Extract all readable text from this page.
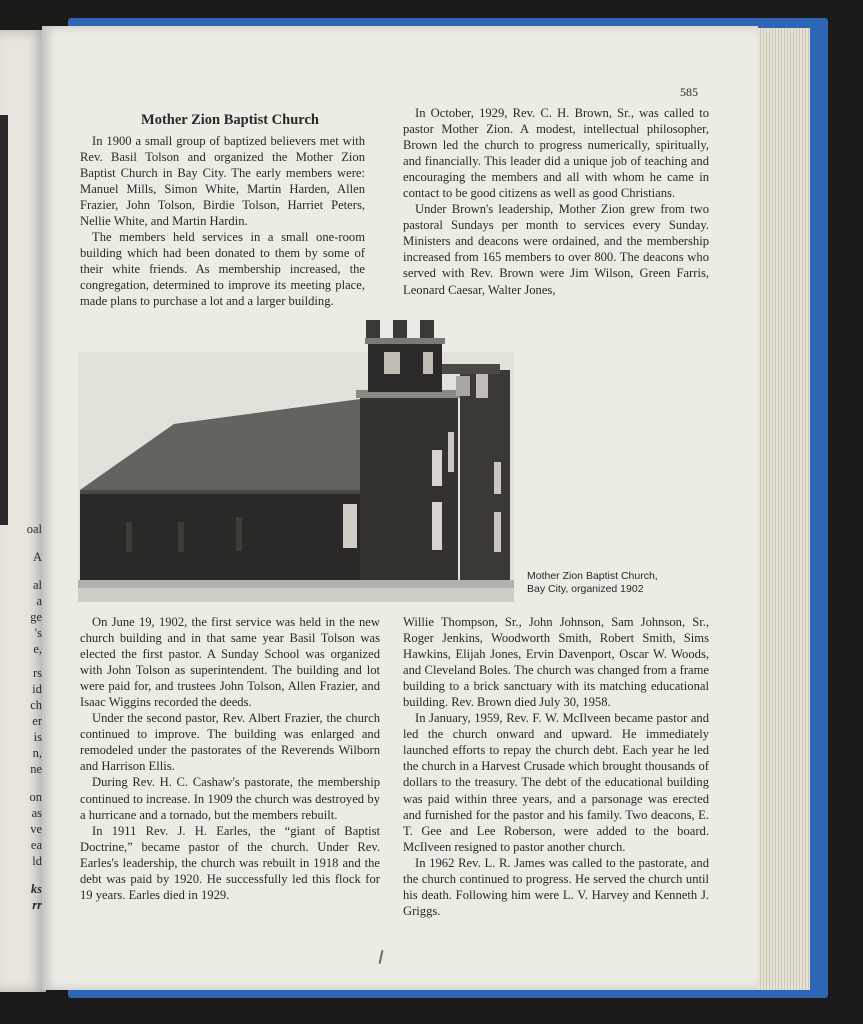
oal
A
al
a
ge
's
e,
rs
id
ch
er
is
n,
ne
on
as
ve
ea
ld
ks
rr
Mother Zion Baptist Church
585

In 1900 a small group of baptized believers met with Rev. Basil Tolson and organized the Mother Zion Baptist Church in Bay City. The early members were: Manuel Mills, Simon White, Martin Harden, Allen Frazier, John Tolson, Birdie Tolson, Harriet Peters, Nellie White, and Martin Hardin.

The members held services in a small one-room building which had been donated to them by some of their white friends. As membership increased, the congregation, determined to improve its meeting place, made plans to purchase a lot and a larger building.

In October, 1929, Rev. C. H. Brown, Sr., was called to pastor Mother Zion. A modest, intellectual philosopher, Brown led the church to progress numerically, spiritually, and financially. This leader did a unique job of teaching and encouraging the members and all with whom he came in contact to be good citizens as well as good Christians.

Under Brown's leadership, Mother Zion grew from two pastoral Sundays per month to services every Sunday. Ministers and deacons were ordained, and the membership increased from 165 members to over 800. The deacons who served with Rev. Brown were Jim Wilson, Green Farris, Leonard Caesar, Walter Jones,

Mother Zion Baptist Church,
Bay City, organized 1902

On June 19, 1902, the first service was held in the new church building and in that same year Basil Tolson was elected the first pastor. A Sunday School was organized with John Tolson as superintendent. The building and lot were paid for, and trustees John Tolson, Allen Frazier, and Isaac Wiggins recorded the deeds.

Under the second pastor, Rev. Albert Frazier, the church continued to improve. The building was enlarged and remodeled under the pastorates of the Reverends Wilborn and Harrison Ellis.

During Rev. H. C. Cashaw's pastorate, the membership continued to increase. In 1909 the church was destroyed by a hurricane and a tornado, but the members rebuilt.

In 1911 Rev. J. H. Earles, the “giant of Baptist Doctrine,” became pastor of the church. Under Rev. Earles's leadership, the church was rebuilt in 1918 and the debt was paid by 1920. He successfully led this flock for 19 years. Earles died in 1929.

Willie Thompson, Sr., John Johnson, Sam Johnson, Sr., Roger Jenkins, Woodworth Smith, Robert Smith, Sims Hawkins, Elijah Jones, Ervin Davenport, Oscar W. Woods, and Cleveland Boles. The church was changed from a frame building to a brick sanctuary with its matching educational building. Rev. Brown died July 30, 1958.

In January, 1959, Rev. F. W. McIlveen became pastor and led the church onward and upward. He immediately launched efforts to repay the church debt. Each year he led the church in a Harvest Crusade which brought thousands of dollars to the treasury. The debt of the educational building was paid within three years, and a parsonage was erected and furnished for the pastor and his family. Two deacons, E. T. Gee and Lee Roberson, were added to the board. McIlveen resigned to pastor another church.

In 1962 Rev. L. R. James was called to the pastorate, and the church continued to progress. He served the church until his death. Following him were L. V. Harvey and Kenneth J. Griggs.
